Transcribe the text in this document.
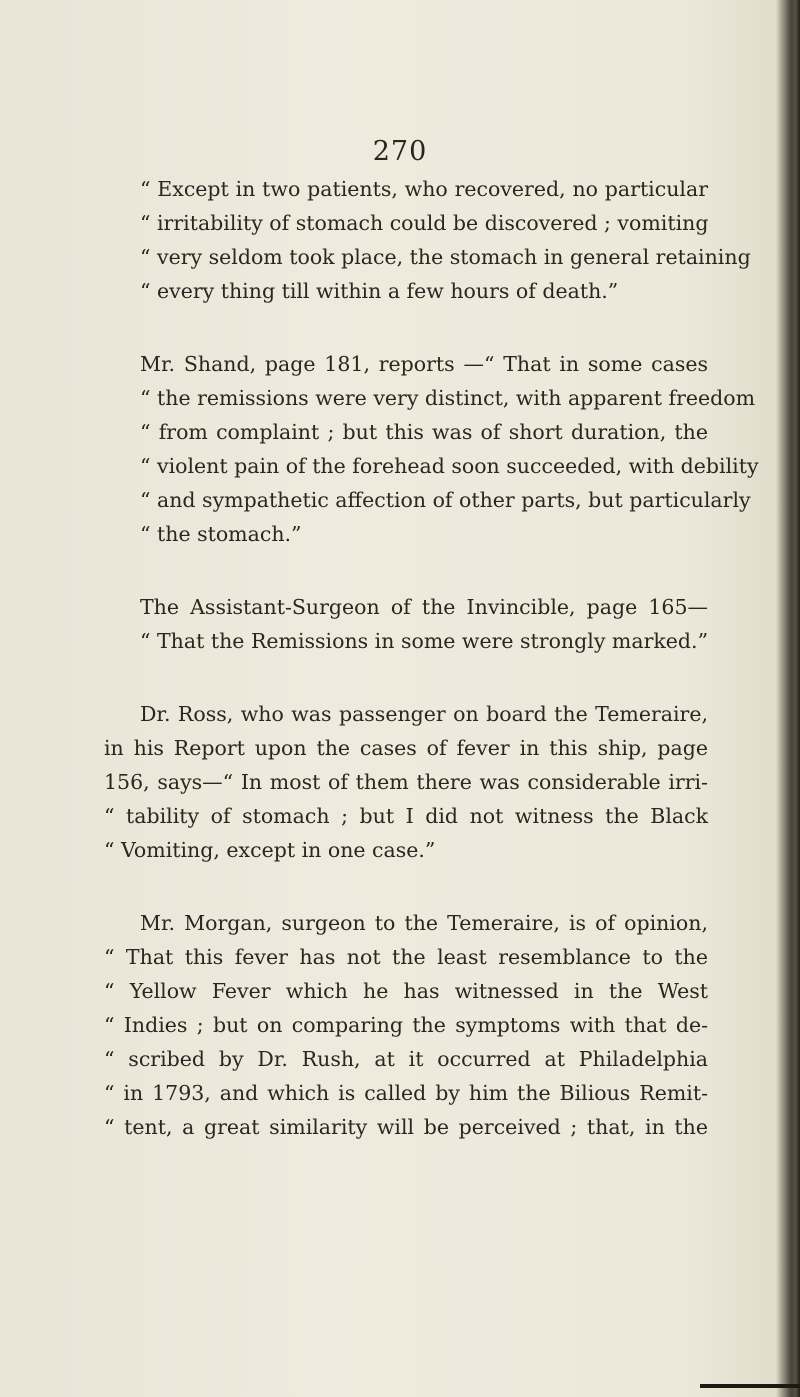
270
“ Except in two patients, who recovered, no particular
“ irritability of stomach could be discovered ; vomiting
“ very seldom took place, the stomach in general retaining
“ every thing till within a few hours of death.”
Mr. Shand, page 181, reports —“ That in some cases
“ the remissions were very distinct, with apparent freedom
“ from complaint ; but this was of short duration, the
“ violent pain of the forehead soon succeeded, with debility
“ and sympathetic affection of other parts, but particularly
“ the stomach.”
The Assistant-Surgeon of the Invincible, page 165—
“ That the Remissions in some were strongly marked.”
Dr. Ross, who was passenger on board the Temeraire,
in his Report upon the cases of fever in this ship, page
156, says—“ In most of them there was considerable irri-
“ tability of stomach ; but I did not witness the Black
“ Vomiting, except in one case.”
Mr. Morgan, surgeon to the Temeraire, is of opinion,
“ That this fever has not the least resemblance to the
“ Yellow Fever which he has witnessed in the West
“ Indies ; but on comparing the symptoms with that de-
“ scribed by Dr. Rush, at it occurred at Philadelphia
“ in 1793, and which is called by him the Bilious Remit-
“ tent, a great similarity will be perceived ; that, in the
